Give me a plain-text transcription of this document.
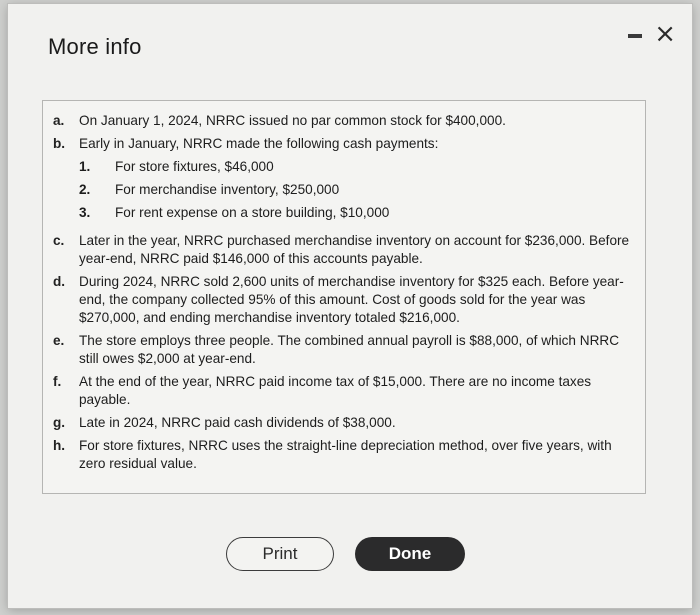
More info	×
a.	On January 1, 2024, NRRC issued no par common stock for $400,000.
b.	Early in January, NRRC made the following cash payments:
1.	For store fixtures, $46,000
2.	For merchandise inventory, $250,000
3.	For rent expense on a store building, $10,000
c.	Later in the year, NRRC purchased merchandise inventory on account for $236,000. Before year-end, NRRC paid $146,000 of this accounts payable.
d.	During 2024, NRRC sold 2,600 units of merchandise inventory for $325 each. Before year-end, the company collected 95% of this amount. Cost of goods sold for the year was $270,000, and ending merchandise inventory totaled $216,000.
e.	The store employs three people. The combined annual payroll is $88,000, of which NRRC still owes $2,000 at year-end.
f.	At the end of the year, NRRC paid income tax of $15,000. There are no income taxes payable.
g.	Late in 2024, NRRC paid cash dividends of $38,000.
h.	For store fixtures, NRRC uses the straight-line depreciation method, over five years, with zero residual value.
Print	Done
